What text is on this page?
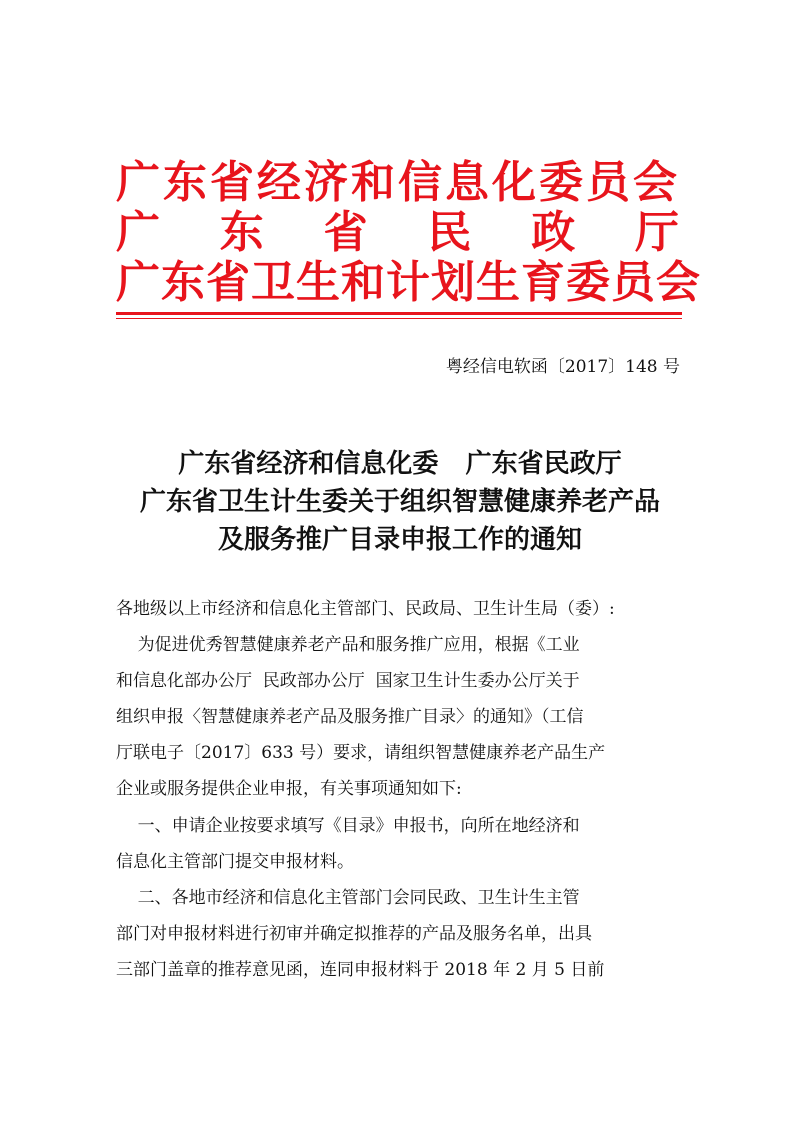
广东省经济和信息化委员会
广 东 省 民 政 厅
广东省卫生和计划生育委员会
粤经信电软函〔2017〕148 号
广东省经济和信息化委   广东省民政厅
广东省卫生计生委关于组织智慧健康养老产品
及服务推广目录申报工作的通知
各地级以上市经济和信息化主管部门、民政局、卫生计生局（委）:
为促进优秀智慧健康养老产品和服务推广应用，根据《工业
和信息化部办公厅  民政部办公厅  国家卫生计生委办公厅关于
组织申报〈智慧健康养老产品及服务推广目录〉的通知》（工信
厅联电子〔2017〕633 号）要求，请组织智慧健康养老产品生产
企业或服务提供企业申报，有关事项通知如下:
一、申请企业按要求填写《目录》申报书，向所在地经济和
信息化主管部门提交申报材料。
二、各地市经济和信息化主管部门会同民政、卫生计生主管
部门对申报材料进行初审并确定拟推荐的产品及服务名单，出具
三部门盖章的推荐意见函，连同申报材料于 2018 年 2 月 5 日前
